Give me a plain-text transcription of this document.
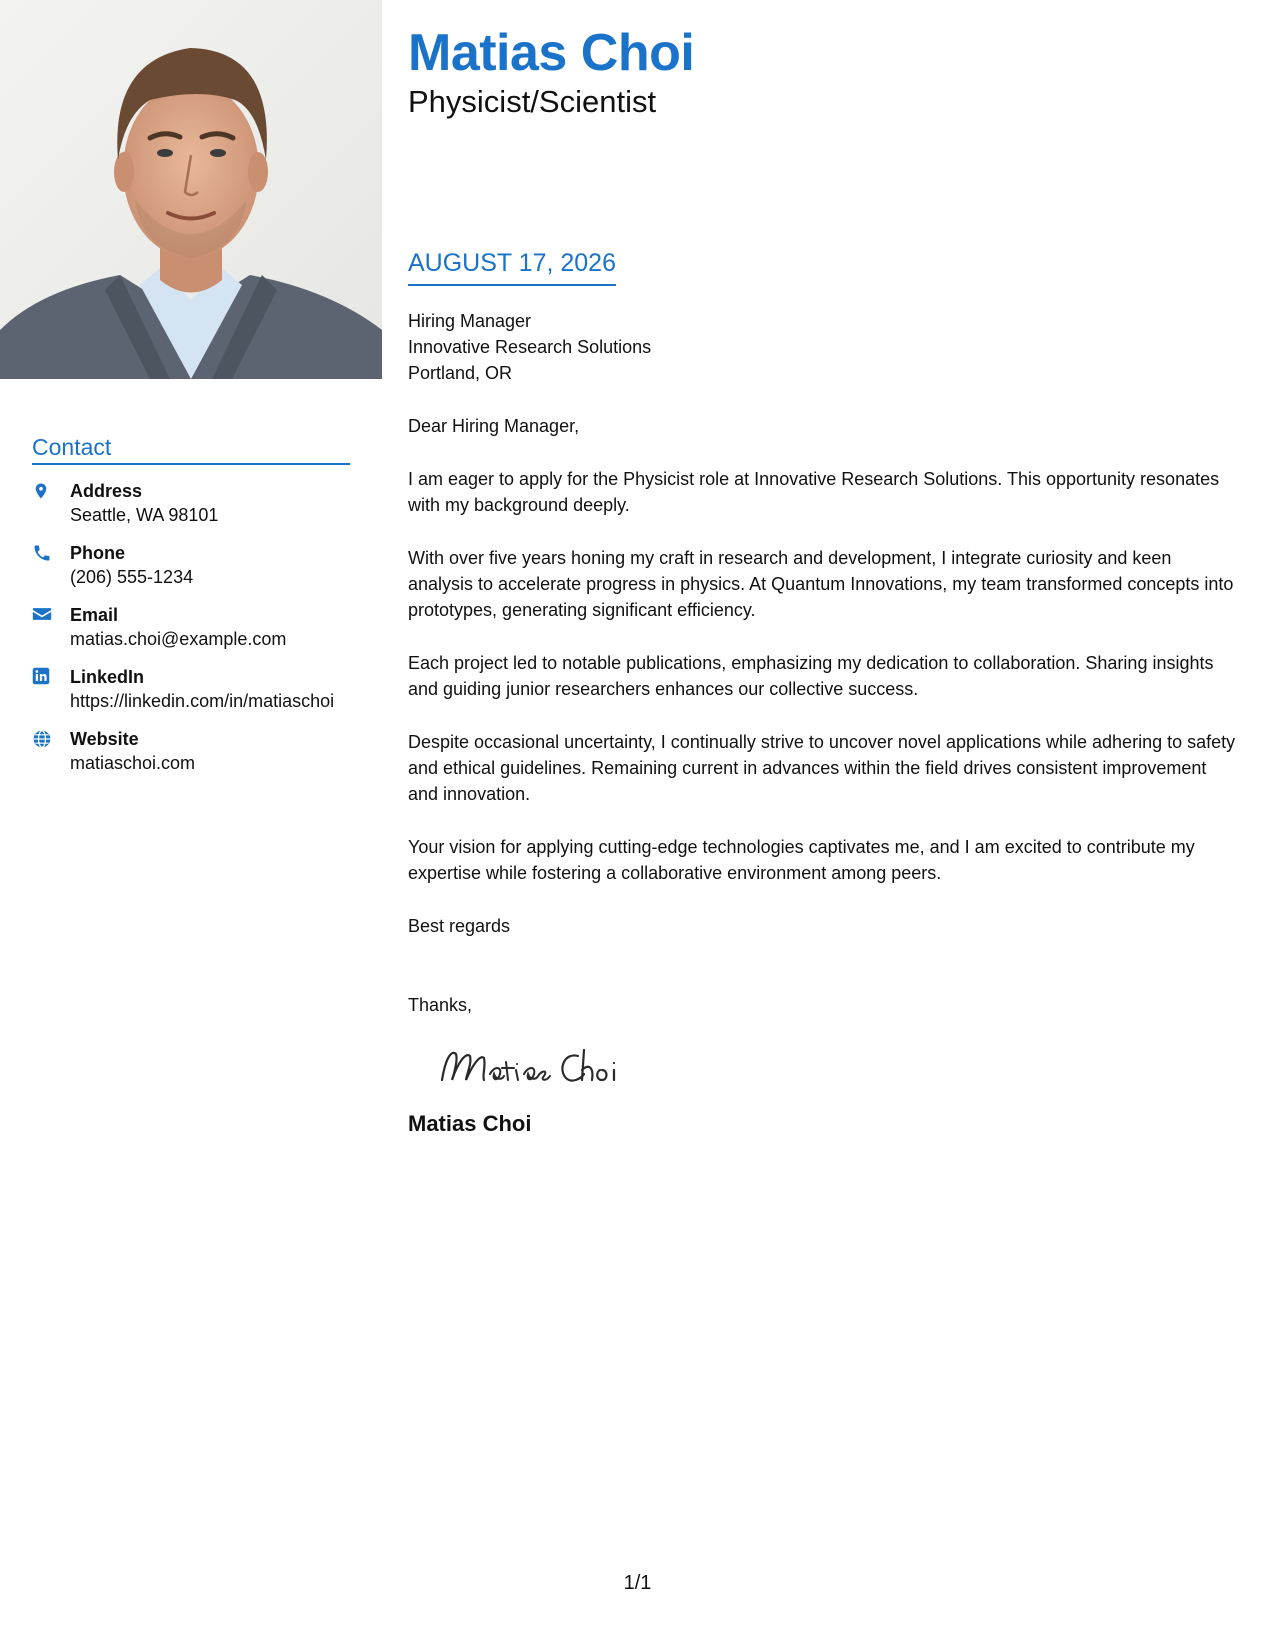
Contact
Address
Seattle, WA 98101
Phone
(206) 555-1234
Email
matias.choi@example.com
LinkedIn
https://linkedin.com/in/matiaschoi
Website
matiaschoi.com
Matias Choi
Physicist/Scientist
AUGUST 17, 2026
Hiring Manager
Innovative Research Solutions
Portland, OR

Dear Hiring Manager,

I am eager to apply for the Physicist role at Innovative Research Solutions. This opportunity resonates with my background deeply.

With over five years honing my craft in research and development, I integrate curiosity and keen analysis to accelerate progress in physics. At Quantum Innovations, my team transformed concepts into prototypes, generating significant efficiency.

Each project led to notable publications, emphasizing my dedication to collaboration. Sharing insights and guiding junior researchers enhances our collective success.

Despite occasional uncertainty, I continually strive to uncover novel applications while adhering to safety and ethical guidelines. Remaining current in advances within the field drives consistent improvement and innovation.

Your vision for applying cutting-edge technologies captivates me, and I am excited to contribute my expertise while fostering a collaborative environment among peers.

Best regards

Thanks,

Matias Choi
1/1
